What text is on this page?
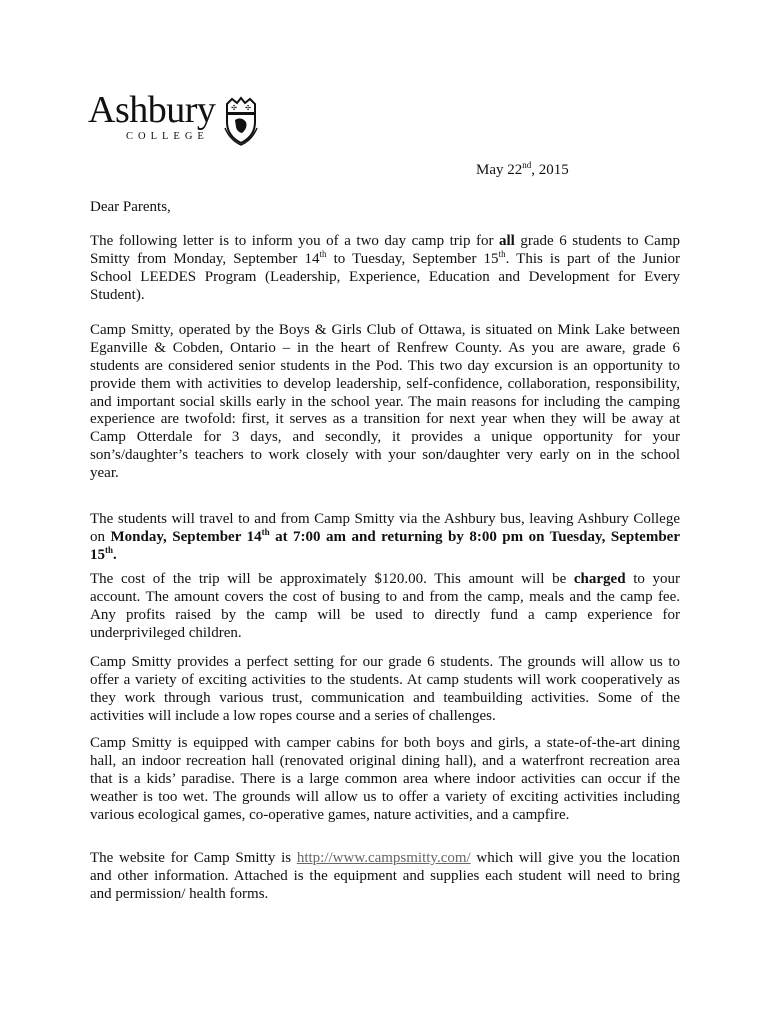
Ashbury
COLLEGE
✣ ✣
May 22nd, 2015
Dear Parents,
The following letter is to inform you of a two day camp trip for all grade 6 students to Camp
Smitty from Monday, September 14th to Tuesday, September 15th. This is part of the Junior
School LEEDES Program (Leadership, Experience, Education and Development for Every
Student).
Camp Smitty, operated by the Boys & Girls Club of Ottawa, is situated on Mink Lake between
Eganville & Cobden, Ontario – in the heart of Renfrew County. As you are aware, grade 6
students are considered senior students in the Pod. This two day excursion is an opportunity to
provide them with activities to develop leadership, self-confidence, collaboration, responsibility,
and important social skills early in the school year. The main reasons for including the camping
experience are twofold: first, it serves as a transition for next year when they will be away at
Camp Otterdale for 3 days, and secondly, it provides a unique opportunity for your
son’s/daughter’s teachers to work closely with your son/daughter very early on in the school
year.
The students will travel to and from Camp Smitty via the Ashbury bus, leaving Ashbury College
on Monday, September 14th at 7:00 am and returning by 8:00 pm on Tuesday, September
15th.
The cost of the trip will be approximately $120.00. This amount will be charged to your
account. The amount covers the cost of busing to and from the camp, meals and the camp fee.
Any profits raised by the camp will be used to directly fund a camp experience for
underprivileged children.
Camp Smitty provides a perfect setting for our grade 6 students. The grounds will allow us to
offer a variety of exciting activities to the students. At camp students will work cooperatively as
they work through various trust, communication and teambuilding activities. Some of the
activities will include a low ropes course and a series of challenges.
Camp Smitty is equipped with camper cabins for both boys and girls, a state-of-the-art dining
hall, an indoor recreation hall (renovated original dining hall), and a waterfront recreation area
that is a kids’ paradise. There is a large common area where indoor activities can occur if the
weather is too wet. The grounds will allow us to offer a variety of exciting activities including
various ecological games, co-operative games, nature activities, and a campfire.
The website for Camp Smitty is http://www.campsmitty.com/ which will give you the location
and other information. Attached is the equipment and supplies each student will need to bring
and permission/ health forms.
